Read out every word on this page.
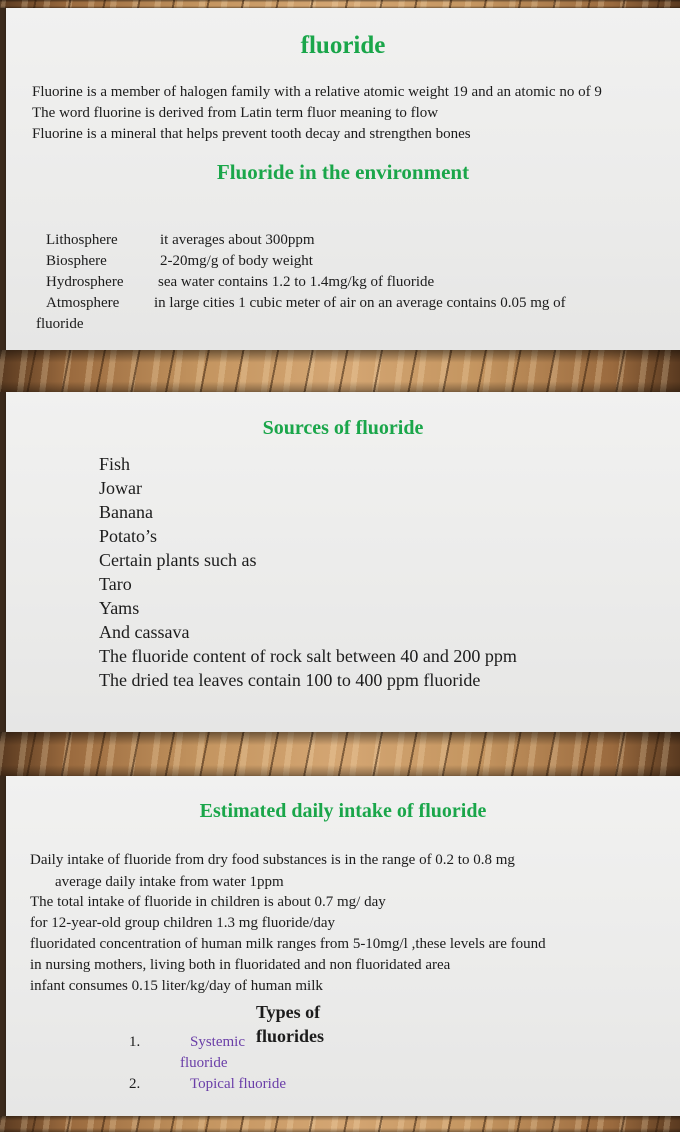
fluoride
Fluorine is a member of halogen family with a relative atomic weight 19 and an atomic no of 9
The word fluorine is derived from Latin term fluor meaning to flow
Fluorine is a mineral that helps prevent tooth decay and strengthen bones
Fluoride in the environment
Lithosphere	it averages about 300ppm
Biosphere	2-20mg/g of body weight
Hydrosphere sea water contains 1.2 to 1.4mg/kg of fluoride
Atmosphere in large cities 1 cubic meter of air on an average contains 0.05 mg of
fluoride
Sources of fluoride
Fish
Jowar
Banana
Potato’s
Certain plants such as
Taro
Yams
And cassava
The fluoride content of rock salt between 40 and 200 ppm
The dried tea leaves contain 100 to 400 ppm fluoride
Estimated daily intake of fluoride
Daily intake of fluoride from dry food substances is in the range of 0.2 to 0.8 mg
average daily intake from water 1ppm
The total intake of fluoride in children is about 0.7 mg/ day
for 12-year-old group children 1.3 mg fluoride/day
fluoridated concentration of human milk ranges from 5-10mg/l ,these levels are found
in nursing mothers, living both in fluoridated and non fluoridated area
infant consumes 0.15 liter/kg/day of human milk
Types of
fluorides
1.	Systemic
fluoride
2.	Topical fluoride
